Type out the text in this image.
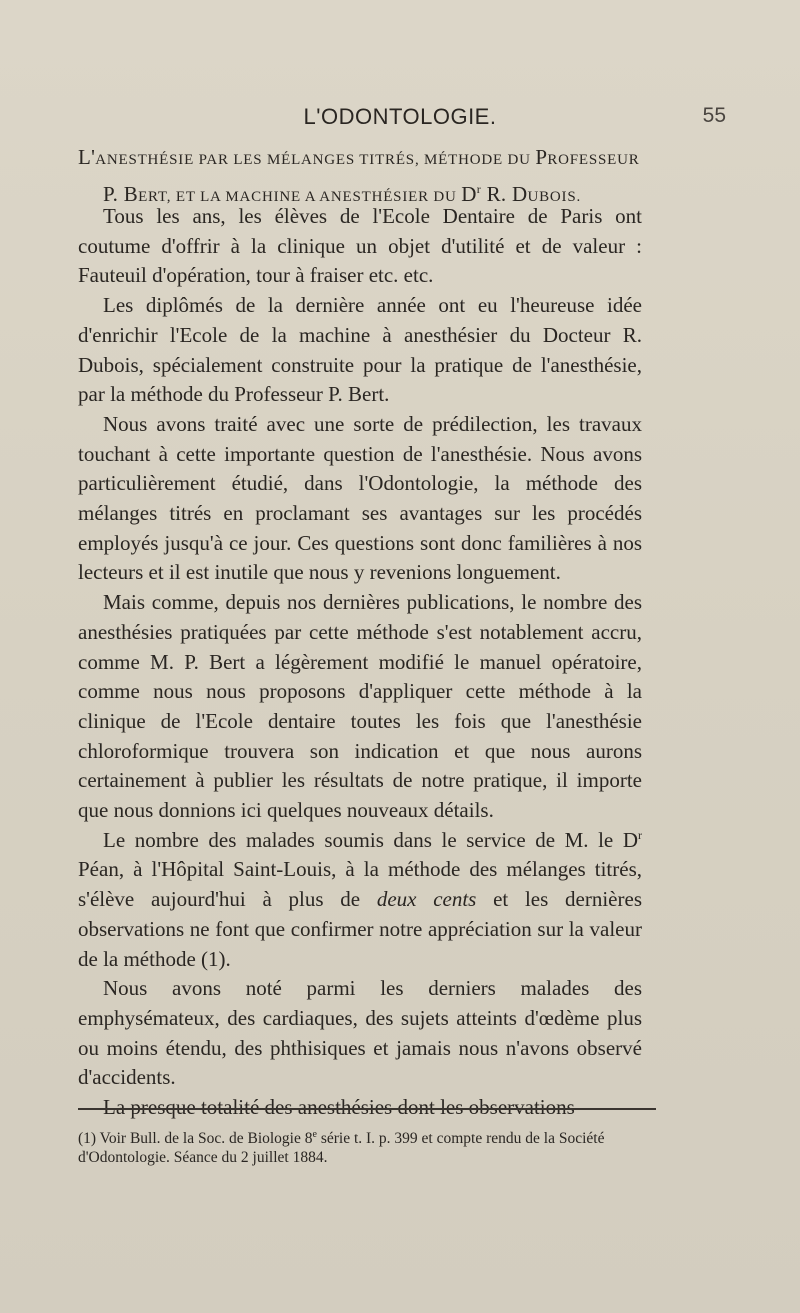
L'ODONTOLOGIE.	55
L'ANESTHÉSIE PAR LES MÉLANGES TITRÉS, MÉTHODE DU PROFESSEUR
P. BERT, ET LA MACHINE A ANESTHÉSIER DU $D^r$ R. DUBOIS.

Tous les ans, les élèves de l'Ecole Dentaire de Paris ont coutume d'offrir à la clinique un objet d'utilité et de valeur : Fauteuil d'opération, tour à fraiser etc. etc.

Les diplômés de la dernière année ont eu l'heureuse idée d'enrichir l'Ecole de la machine à anesthésier du Docteur R. Dubois, spécialement construite pour la pratique de l'anesthésie, par la méthode du Professeur P. Bert.

Nous avons traité avec une sorte de prédilection, les travaux touchant à cette importante question de l'anesthésie. Nous avons particulièrement étudié, dans l'Odontologie, la méthode des mélanges titrés en proclamant ses avantages sur les procédés employés jusqu'à ce jour. Ces questions sont donc familières à nos lecteurs et il est inutile que nous y revenions longuement.

Mais comme, depuis nos dernières publications, le nombre des anesthésies pratiquées par cette méthode s'est notablement accru, comme M. P. Bert a légèrement modifié le manuel opératoire, comme nous nous proposons d'appliquer cette méthode à la clinique de l'Ecole dentaire toutes les fois que l'anesthésie chloroformique trouvera son indication et que nous aurons certainement à publier les résultats de notre pratique, il importe que nous donnions ici quelques nouveaux détails.

Le nombre des malades soumis dans le service de M. le $D^r$ Péan, à l'Hôpital Saint-Louis, à la méthode des mélanges titrés, s'élève aujourd'hui à plus de deux cents et les dernières observations ne font que confirmer notre appréciation sur la valeur de la méthode (1).

Nous avons noté parmi les derniers malades des emphysémateux, des cardiaques, des sujets atteints d'œdème plus ou moins étendu, des phthisiques et jamais nous n'avons observé d'accidents.

La presque totalité des anesthésies dont les observations

(1) Voir Bull. de la Soc. de Biologie 8e série t. I. p. 399 et compte rendu de la Société d'Odontologie. Séance du 2 juillet 1884.
